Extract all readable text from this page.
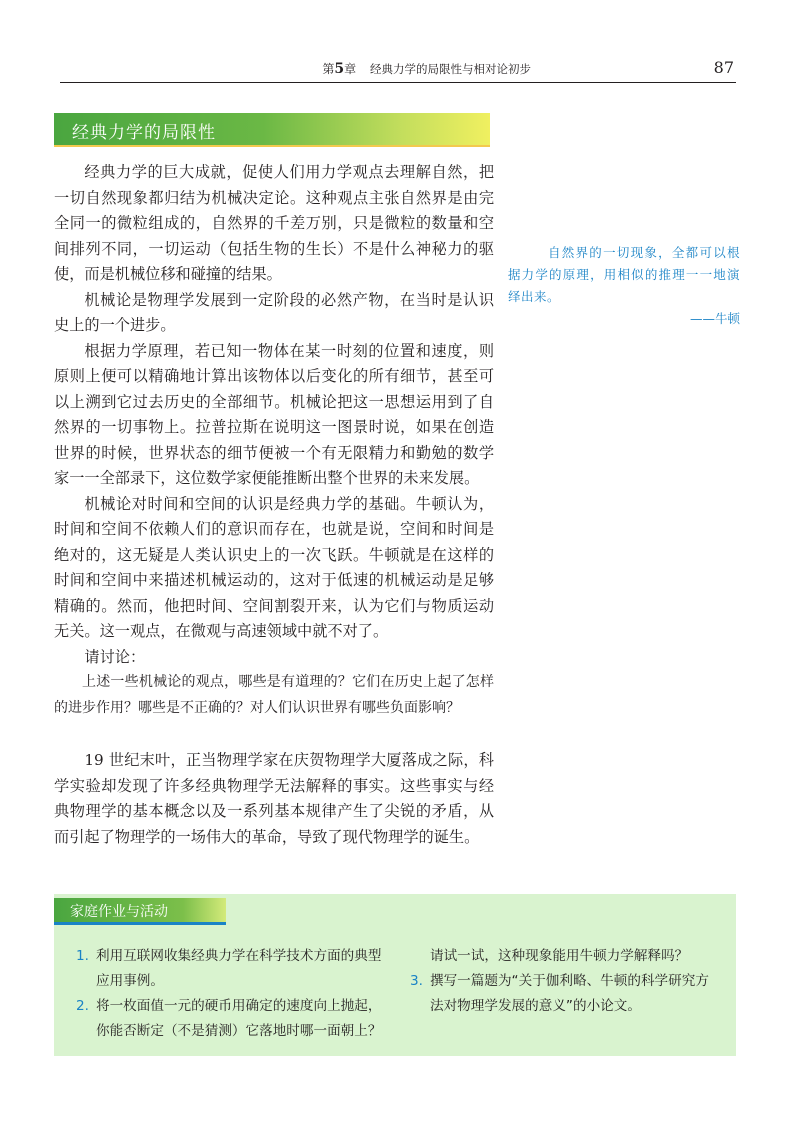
第5章 经典力学的局限性与相对论初步	87
经典力学的局限性

经典力学的巨大成就，促使人们用力学观点去理解自然，把一切自然现象都归结为机械决定论。这种观点主张自然界是由完全同一的微粒组成的，自然界的千差万别，只是微粒的数量和空间排列不同，一切运动（包括生物的生长）不是什么神秘力的驱使，而是机械位移和碰撞的结果。

机械论是物理学发展到一定阶段的必然产物，在当时是认识史上的一个进步。

根据力学原理，若已知一物体在某一时刻的位置和速度，则原则上便可以精确地计算出该物体以后变化的所有细节，甚至可以上溯到它过去历史的全部细节。机械论把这一思想运用到了自然界的一切事物上。拉普拉斯在说明这一图景时说，如果在创造世界的时候，世界状态的细节便被一个有无限精力和勤勉的数学家一一全部录下，这位数学家便能推断出整个世界的未来发展。

机械论对时间和空间的认识是经典力学的基础。牛顿认为，时间和空间不依赖人们的意识而存在，也就是说，空间和时间是绝对的，这无疑是人类认识史上的一次飞跃。牛顿就是在这样的时间和空间中来描述机械运动的，这对于低速的机械运动是足够精确的。然而，他把时间、空间割裂开来，认为它们与物质运动无关。这一观点，在微观与高速领域中就不对了。

请讨论：

上述一些机械论的观点，哪些是有道理的？它们在历史上起了怎样的进步作用？哪些是不正确的？对人们认识世界有哪些负面影响？

19 世纪末叶，正当物理学家在庆贺物理学大厦落成之际，科学实验却发现了许多经典物理学无法解释的事实。这些事实与经典物理学的基本概念以及一系列基本规律产生了尖锐的矛盾，从而引起了物理学的一场伟大的革命，导致了现代物理学的诞生。

自然界的一切现象，全都可以根据力学的原理，用相似的推理一一地演绎出来。

——牛顿

家庭作业与活动
1. 利用互联网收集经典力学在科学技术方面的典型应用事例。
2. 将一枚面值一元的硬币用确定的速度向上抛起，你能否断定（不是猜测）它落地时哪一面朝上？
请试一试，这种现象能用牛顿力学解释吗？
3. 撰写一篇题为“关于伽利略、牛顿的科学研究方法对物理学发展的意义”的小论文。
